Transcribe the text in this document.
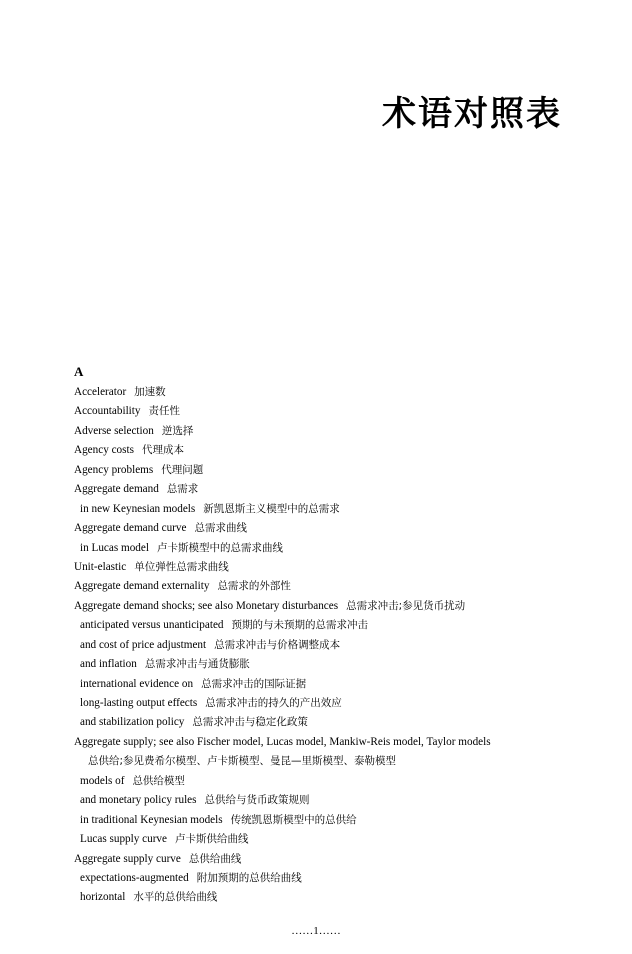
术语对照表
A
Accelerator 加速数
Accountability 责任性
Adverse selection 逆选择
Agency costs 代理成本
Agency problems 代理问题
Aggregate demand 总需求
in new Keynesian models 新凯恩斯主义模型中的总需求
Aggregate demand curve 总需求曲线
in Lucas model 卢卡斯模型中的总需求曲线
Unit-elastic 单位弹性总需求曲线
Aggregate demand externality 总需求的外部性
Aggregate demand shocks; see also Monetary disturbances 总需求冲击;参见货币扰动
anticipated versus unanticipated 预期的与未预期的总需求冲击
and cost of price adjustment 总需求冲击与价格调整成本
and inflation 总需求冲击与通货膨胀
international evidence on 总需求冲击的国际证据
long-lasting output effects 总需求冲击的持久的产出效应
and stabilization policy 总需求冲击与稳定化政策
Aggregate supply; see also Fischer model, Lucas model, Mankiw-Reis model, Taylor models
总供给;参见费希尔模型、卢卡斯模型、曼昆—里斯模型、泰勒模型
models of 总供给模型
and monetary policy rules 总供给与货币政策规则
in traditional Keynesian models 传统凯恩斯模型中的总供给
Lucas supply curve 卢卡斯供给曲线
Aggregate supply curve 总供给曲线
expectations-augmented 附加预期的总供给曲线
horizontal 水平的总供给曲线
……1……
